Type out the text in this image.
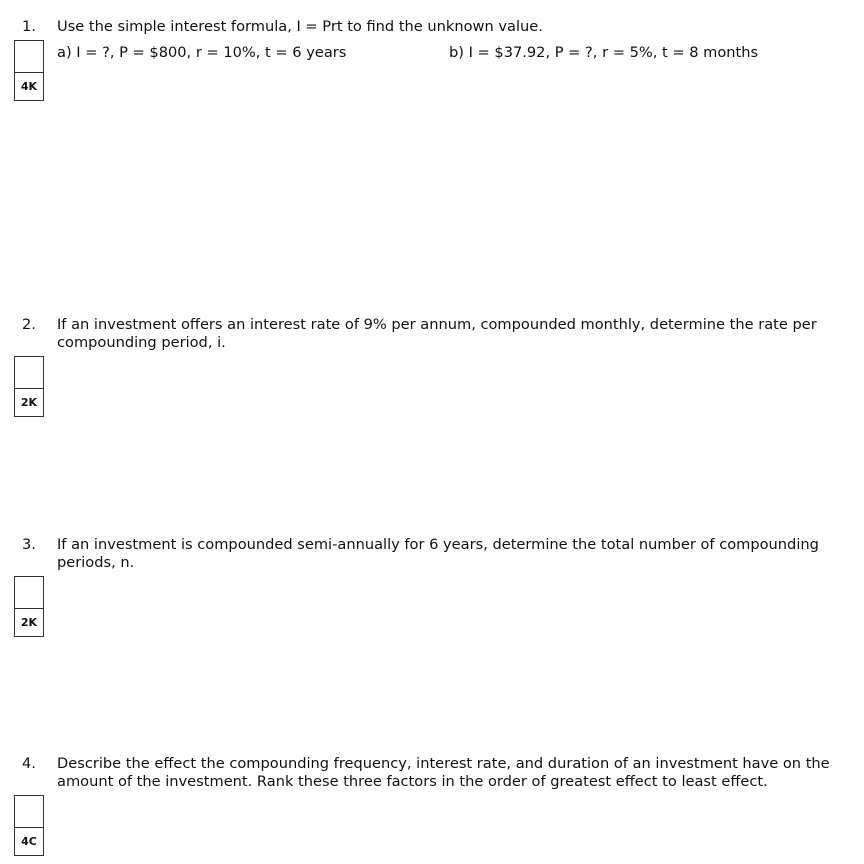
1. Use the simple interest formula, I = Prt to find the unknown value.
a) I = ?, P = $800, r = 10%, t = 6 years	b) I = $37.92, P = ?, r = 5%, t = 8 months
4K
2. If an investment offers an interest rate of 9% per annum, compounded monthly, determine the rate per compounding period, i.
2K
3. If an investment is compounded semi-annually for 6 years, determine the total number of compounding periods, n.
2K
4. Describe the effect the compounding frequency, interest rate, and duration of an investment have on the amount of the investment. Rank these three factors in the order of greatest effect to least effect.
4C
